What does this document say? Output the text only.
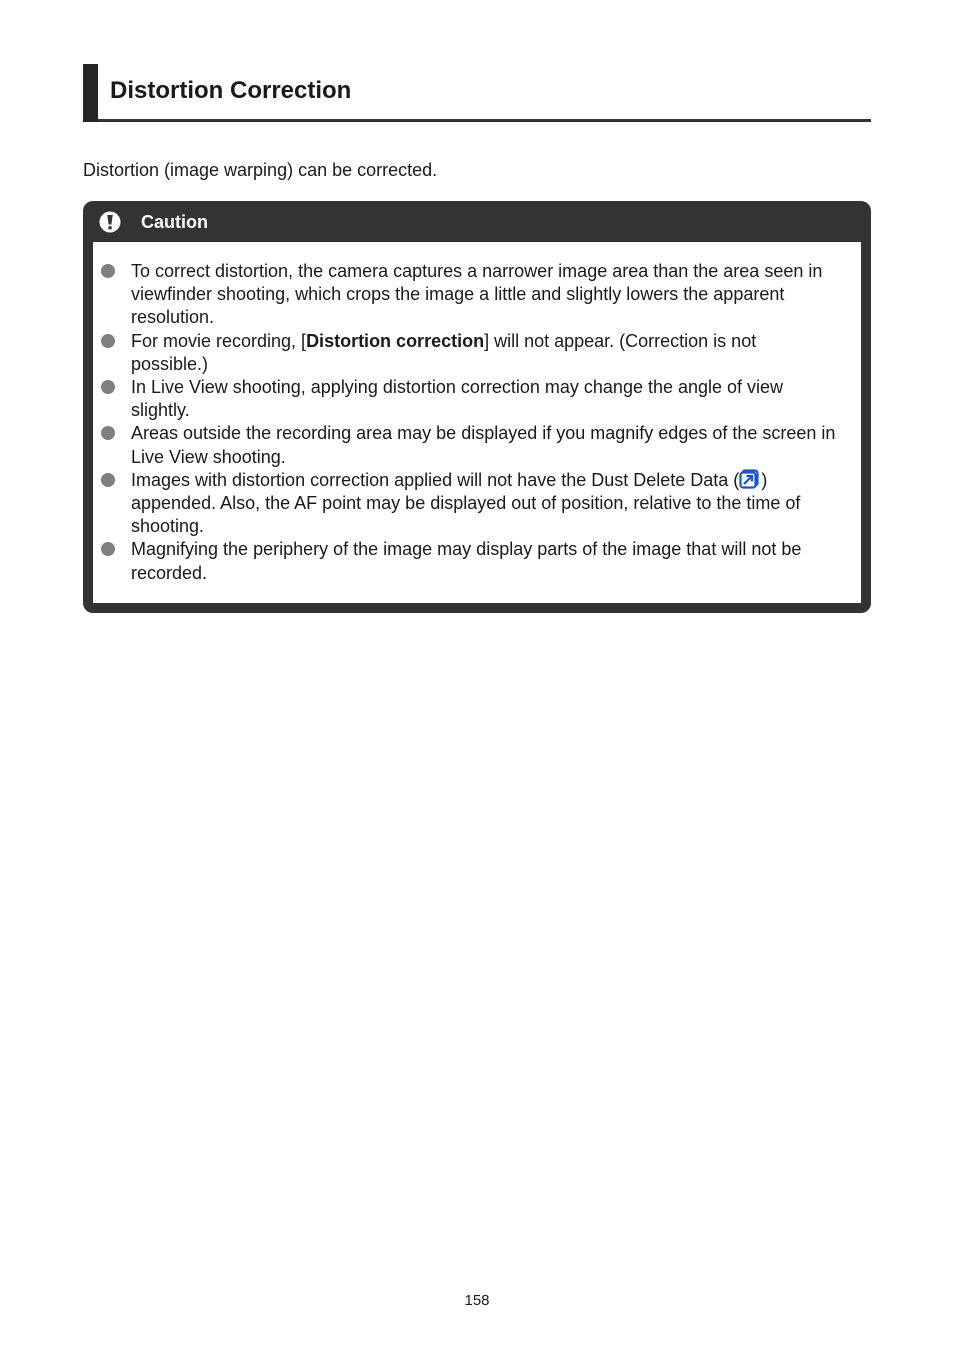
Distortion Correction
Distortion (image warping) can be corrected.
Caution
To correct distortion, the camera captures a narrower image area than the area seen in viewfinder shooting, which crops the image a little and slightly lowers the apparent resolution.
For movie recording, [Distortion correction] will not appear. (Correction is not possible.)
In Live View shooting, applying distortion correction may change the angle of view slightly.
Areas outside the recording area may be displayed if you magnify edges of the screen in Live View shooting.
Images with distortion correction applied will not have the Dust Delete Data ( ) appended. Also, the AF point may be displayed out of position, relative to the time of shooting.
Magnifying the periphery of the image may display parts of the image that will not be recorded.
158
